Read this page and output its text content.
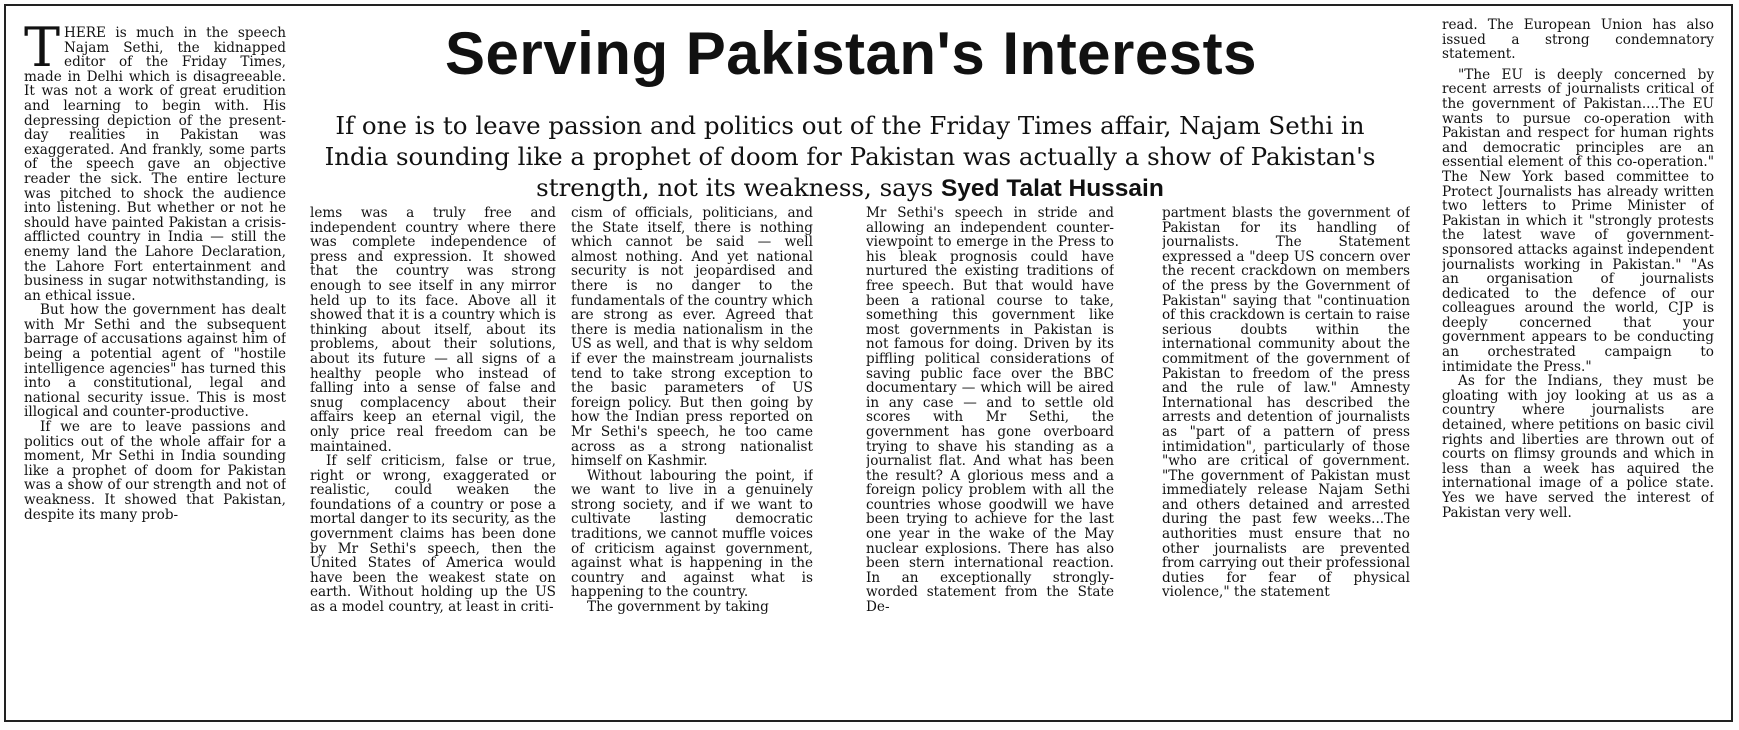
THERE is much in the speech Najam Sethi, the kidnapped editor of the Friday Times, made in Delhi which is disagreeable. It was not a work of great erudition and learning to begin with. His depressing depiction of the present-day realities in Pakistan was exaggerated. And frankly, some parts of the speech gave an objective reader the sick. The entire lecture was pitched to shock the audience into listening. But whether or not he should have painted Pakistan a crisis-afflicted country in India — still the enemy land the Lahore Declaration, the Lahore Fort entertainment and business in sugar notwithstanding, is an ethical issue.

But how the government has dealt with Mr Sethi and the subsequent barrage of accusations against him of being a potential agent of "hostile intelligence agencies" has turned this into a constitutional, legal and national security issue. This is most illogical and counter-productive.

If we are to leave passions and politics out of the whole affair for a moment, Mr Sethi in India sounding like a prophet of doom for Pakistan was a show of our strength and not of weakness. It showed that Pakistan, despite its many prob-

Serving Pakistan's Interests
If one is to leave passion and politics out of the Friday Times affair, Najam Sethi in India sounding like a prophet of doom for Pakistan was actually a show of Pakistan's strength, not its weakness, says Syed Talat Hussain

lems was a truly free and independent country where there was complete independence of press and expression. It showed that the country was strong enough to see itself in any mirror held up to its face. Above all it showed that it is a country which is thinking about itself, about its problems, about their solutions, about its future — all signs of a healthy people who instead of falling into a sense of false and snug complacency about their affairs keep an eternal vigil, the only price real freedom can be maintained.

If self criticism, false or true, right or wrong, exaggerated or realistic, could weaken the foundations of a country or pose a mortal danger to its security, as the government claims has been done by Mr Sethi's speech, then the United States of America would have been the weakest state on earth. Without holding up the US as a model country, at least in criti-

cism of officials, politicians, and the State itself, there is nothing which cannot be said — well almost nothing. And yet national security is not jeopardised and there is no danger to the fundamentals of the country which are strong as ever. Agreed that there is media nationalism in the US as well, and that is why seldom if ever the mainstream journalists tend to take strong exception to the basic parameters of US foreign policy. But then going by how the Indian press reported on Mr Sethi's speech, he too came across as a strong nationalist himself on Kashmir.

Without labouring the point, if we want to live in a genuinely strong society, and if we want to cultivate lasting democratic traditions, we cannot muffle voices of criticism against government, against what is happening in the country and against what is happening to the country.

The government by taking

Mr Sethi's speech in stride and allowing an independent counter-viewpoint to emerge in the Press to his bleak prognosis could have nurtured the existing traditions of free speech. But that would have been a rational course to take, something this government like most governments in Pakistan is not famous for doing. Driven by its piffling political considerations of saving public face over the BBC documentary — which will be aired in any case — and to settle old scores with Mr Sethi, the government has gone overboard trying to shave his standing as a journalist flat. And what has been the result? A glorious mess and a foreign policy problem with all the countries whose goodwill we have been trying to achieve for the last one year in the wake of the May nuclear explosions. There has also been stern international reaction. In an exceptionally strongly-worded statement from the State De-

partment blasts the government of Pakistan for its handling of journalists. The Statement expressed a "deep US concern over the recent crackdown on members of the press by the Government of Pakistan" saying that "continuation of this crackdown is certain to raise serious doubts within the international community about the commitment of the government of Pakistan to freedom of the press and the rule of law." Amnesty International has described the arrests and detention of journalists as "part of a pattern of press intimidation", particularly of those "who are critical of government. "The government of Pakistan must immediately release Najam Sethi and others detained and arrested during the past few weeks...The authorities must ensure that no other journalists are prevented from carrying out their professional duties for fear of physical violence," the statement

read. The European Union has also issued a strong condemnatory statement.

"The EU is deeply concerned by recent arrests of journalists critical of the government of Pakistan....The EU wants to pursue co-operation with Pakistan and respect for human rights and democratic principles are an essential element of this co-operation." The New York based committee to Protect Journalists has already written two letters to Prime Minister of Pakistan in which it "strongly protests the latest wave of government-sponsored attacks against independent journalists working in Pakistan." "As an organisation of journalists dedicated to the defence of our colleagues around the world, CJP is deeply concerned that your government appears to be conducting an orchestrated campaign to intimidate the Press."

As for the Indians, they must be gloating with joy looking at us as a country where journalists are detained, where petitions on basic civil rights and liberties are thrown out of courts on flimsy grounds and which in less than a week has aquired the international image of a police state. Yes we have served the interest of Pakistan very well.
